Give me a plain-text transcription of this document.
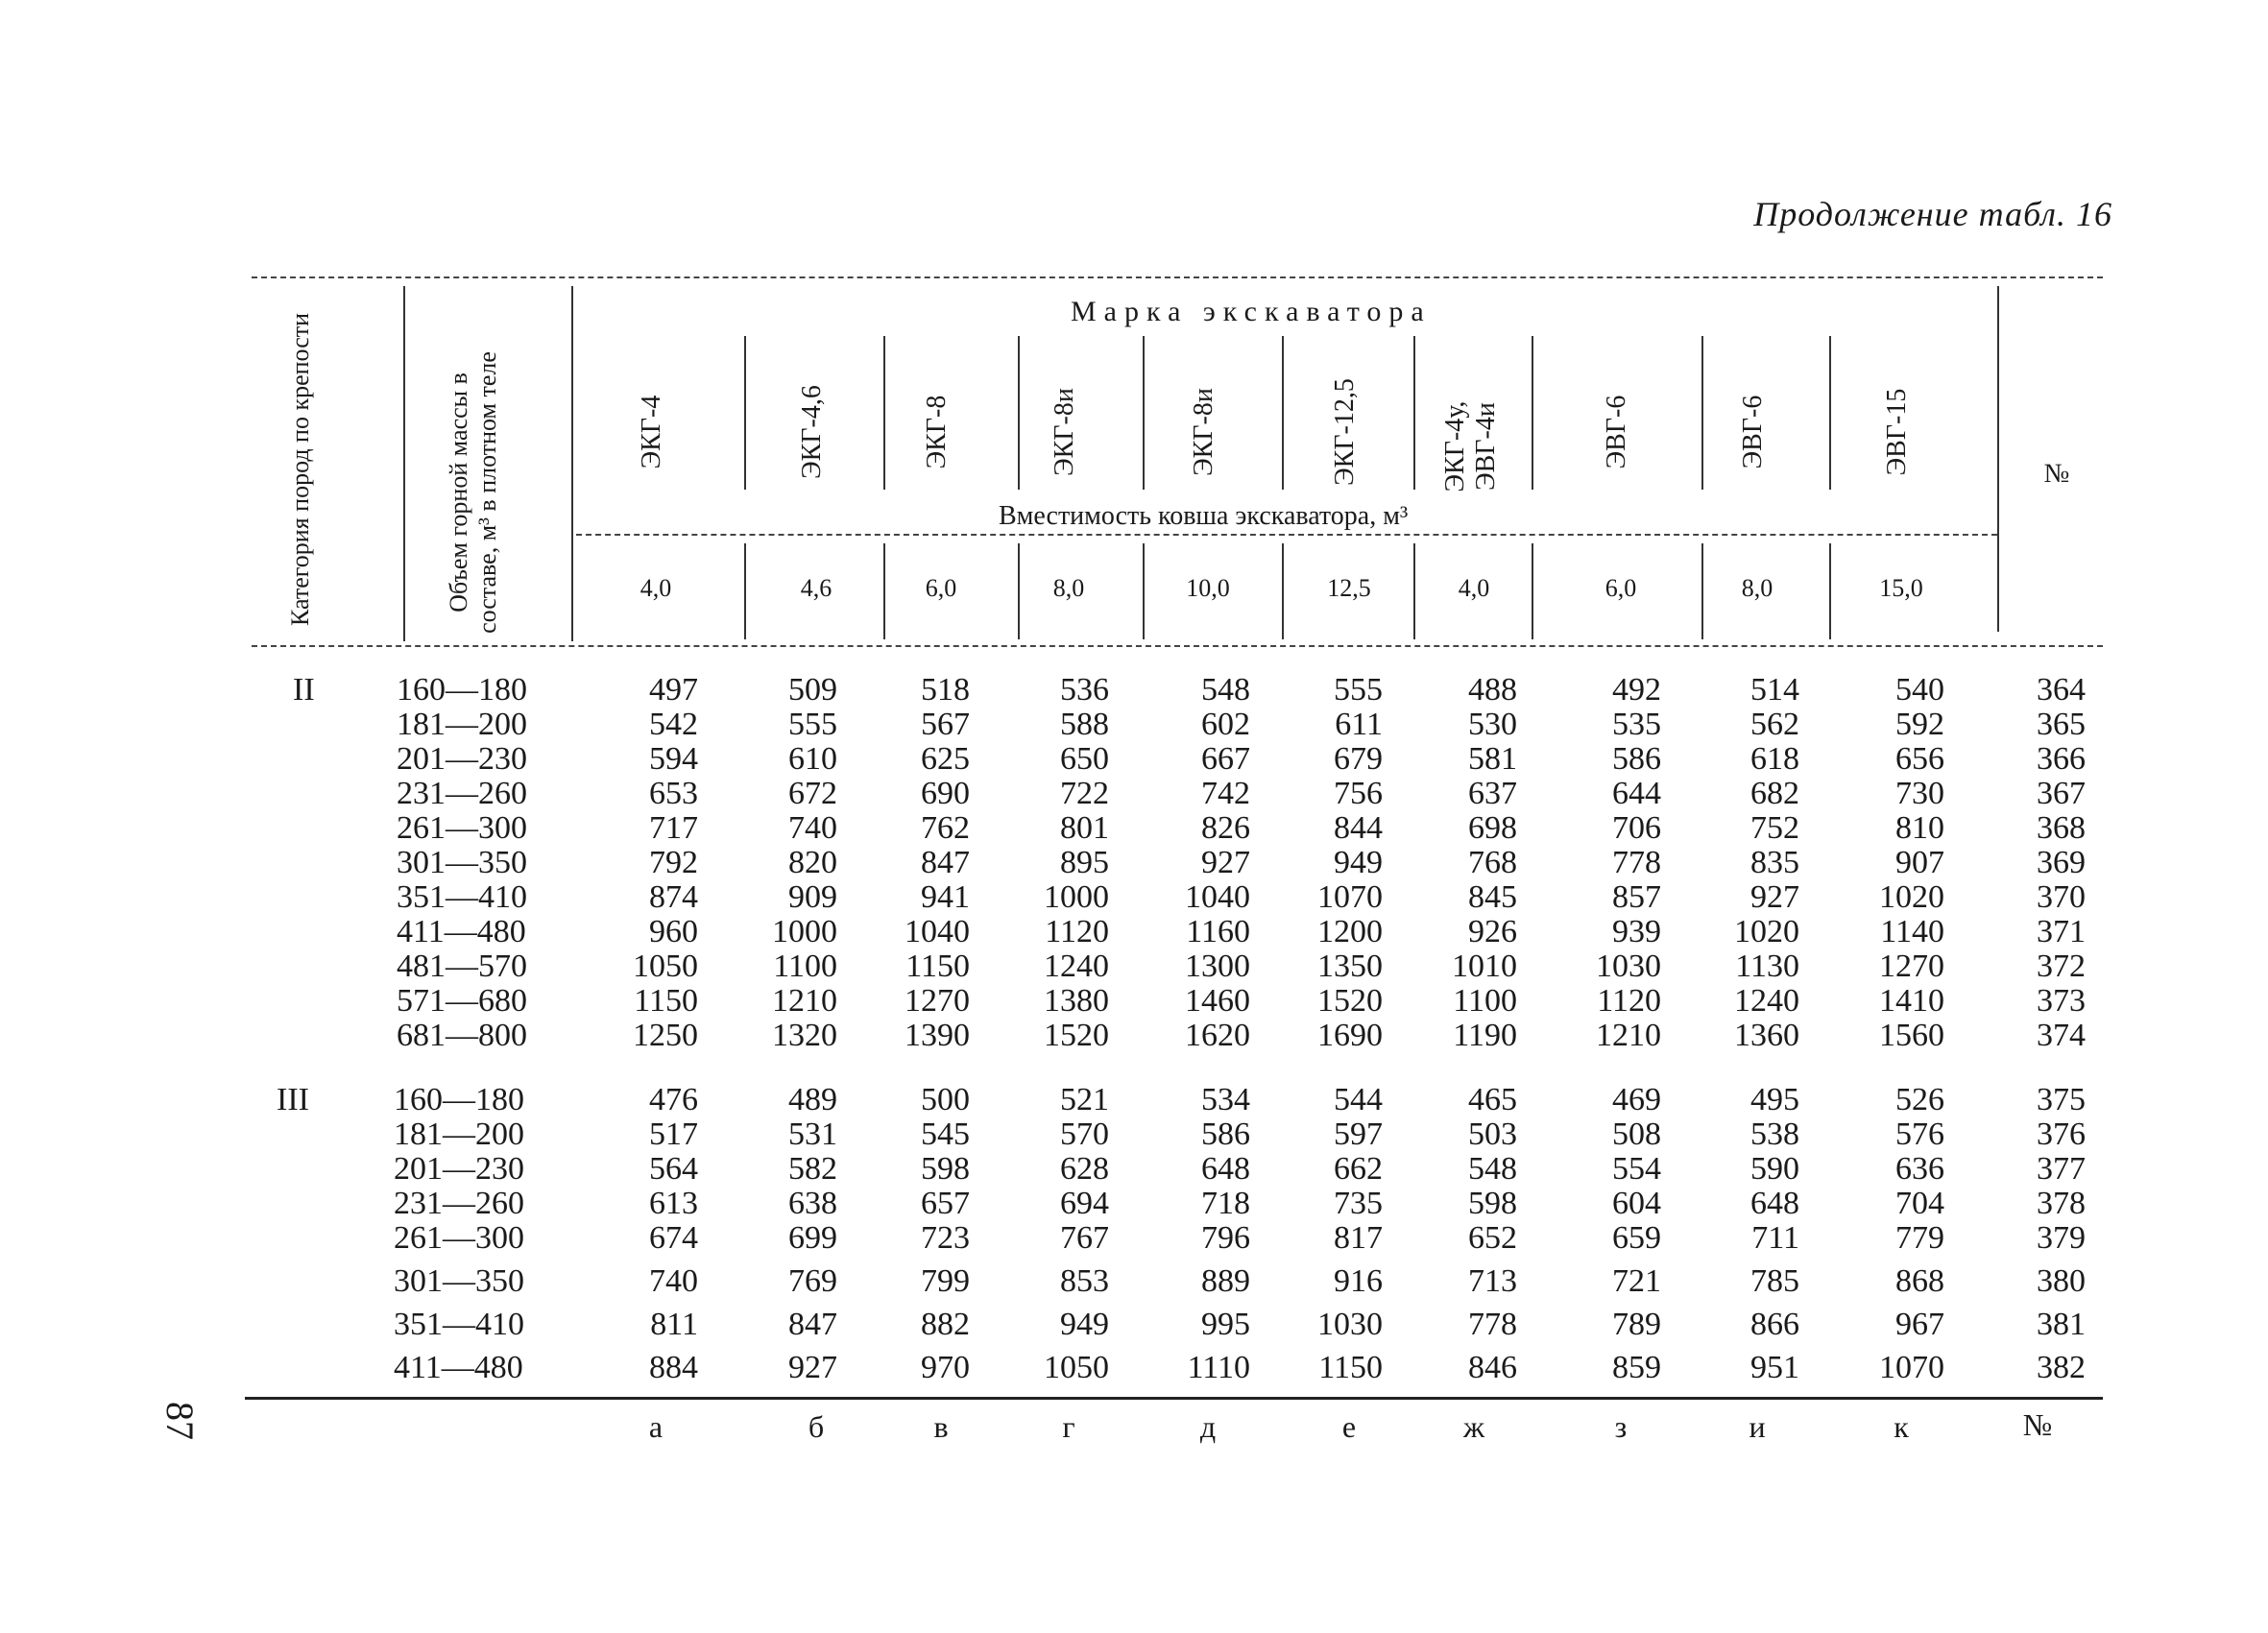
Продолжение табл. 16
87
Категория пород по крепости	Объем горной массы в составе, м³ в плотном теле
Марка экскаватора
Вместимость ковша экскаватора, м³
№
ЭКГ-4	ЭКГ-4,6	ЭКГ-8	ЭКГ-8и	ЭКГ-8и	ЭКГ-12,5	ЭКГ-4у, ЭВГ-4и	ЭВГ-6	ЭВГ-6	ЭВГ-15
4,0	4,6	6,0	8,0	10,0	12,5	4,0	6,0	8,0	15,0
II	160—180	497	509	518	536	548	555	488	492	514	540	364
181—200	542	555	567	588	602	611	530	535	562	592	365
201—230	594	610	625	650	667	679	581	586	618	656	366
231—260	653	672	690	722	742	756	637	644	682	730	367
261—300	717	740	762	801	826	844	698	706	752	810	368
301—350	792	820	847	895	927	949	768	778	835	907	369
351—410	874	909	941	1000	1040	1070	845	857	927	1020	370
411—480	960	1000	1040	1120	1160	1200	926	939	1020	1140	371
481—570	1050	1100	1150	1240	1300	1350	1010	1030	1130	1270	372
571—680	1150	1210	1270	1380	1460	1520	1100	1120	1240	1410	373
681—800	1250	1320	1390	1520	1620	1690	1190	1210	1360	1560	374
III	160—180	476	489	500	521	534	544	465	469	495	526	375
181—200	517	531	545	570	586	597	503	508	538	576	376
201—230	564	582	598	628	648	662	548	554	590	636	377
231—260	613	638	657	694	718	735	598	604	648	704	378
261—300	674	699	723	767	796	817	652	659	711	779	379
301—350	740	769	799	853	889	916	713	721	785	868	380
351—410	811	847	882	949	995	1030	778	789	866	967	381
411—480	884	927	970	1050	1110	1150	846	859	951	1070	382
а	б	в	г	д	е	ж	з	и	к	№
